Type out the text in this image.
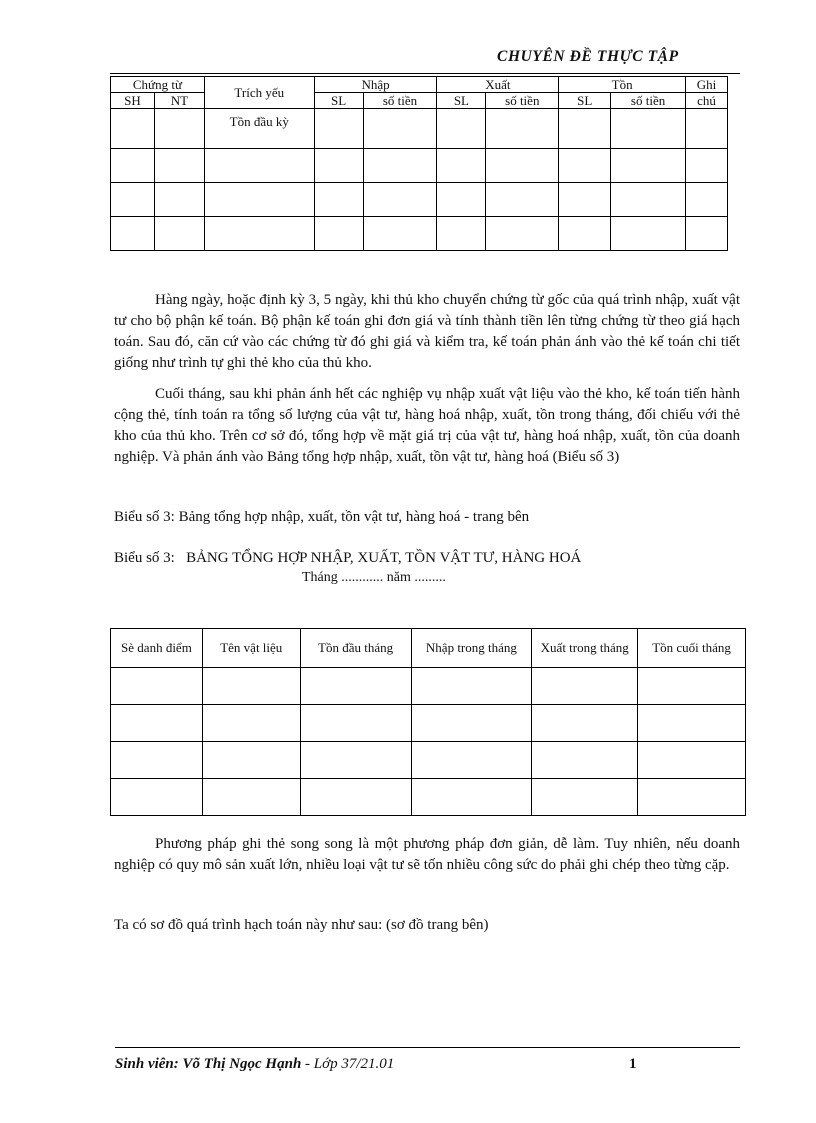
CHUYÊN ĐỀ THỰC TẬP
Chứng từ		Trích yếu	Nhập		Xuất		Tồn		Ghi
SH	NT		SL	số tiền	SL	số tiền	SL	số tiền	chú
		Tồn đầu kỳ							

Hàng ngày, hoặc định kỳ 3, 5 ngày, khi thủ kho chuyển chứng từ gốc của quá trình nhập, xuất vật tư cho bộ phận kế toán. Bộ phận kế toán ghi đơn giá và tính thành tiền lên từng chứng từ theo giá hạch toán. Sau đó, căn cứ vào các chứng từ đó ghi giá và kiểm tra, kế toán phản ánh vào thẻ kế toán chi tiết giống như trình tự ghi thẻ kho của thủ kho.

Cuối tháng, sau khi phản ánh hết các nghiệp vụ nhập xuất vật liệu vào thẻ kho, kế toán tiến hành cộng thẻ, tính toán ra tổng số lượng của vật tư, hàng hoá nhập, xuất, tồn trong tháng, đối chiếu với thẻ kho của thủ kho. Trên cơ sở đó, tổng hợp về mặt giá trị của vật tư, hàng hoá nhập, xuất, tồn của doanh nghiệp. Và phản ánh vào Bảng tổng hợp nhập, xuất, tồn vật tư, hàng hoá (Biểu số 3)

Biểu số 3: Bảng tổng hợp nhập, xuất, tồn vật tư, hàng hoá - trang bên

Biểu số 3: BẢNG TỔNG HỢP NHẬP, XUẤT, TỒN VẬT TƯ, HÀNG HOÁ
Tháng ............ năm .........
Sè danh điểm	Tên vật liệu	Tồn đầu tháng	Nhập trong tháng	Xuất trong tháng	Tồn cuối tháng

Phương pháp ghi thẻ song song là một phương pháp đơn giản, dễ làm. Tuy nhiên, nếu doanh nghiệp có quy mô sản xuất lớn, nhiều loại vật tư sẽ tốn nhiều công sức do phải ghi chép theo từng cặp.

Ta có sơ đồ quá trình hạch toán này như sau: (sơ đồ trang bên)

Sinh viên: Võ Thị Ngọc Hạnh - Lớp 37/21.01	1
